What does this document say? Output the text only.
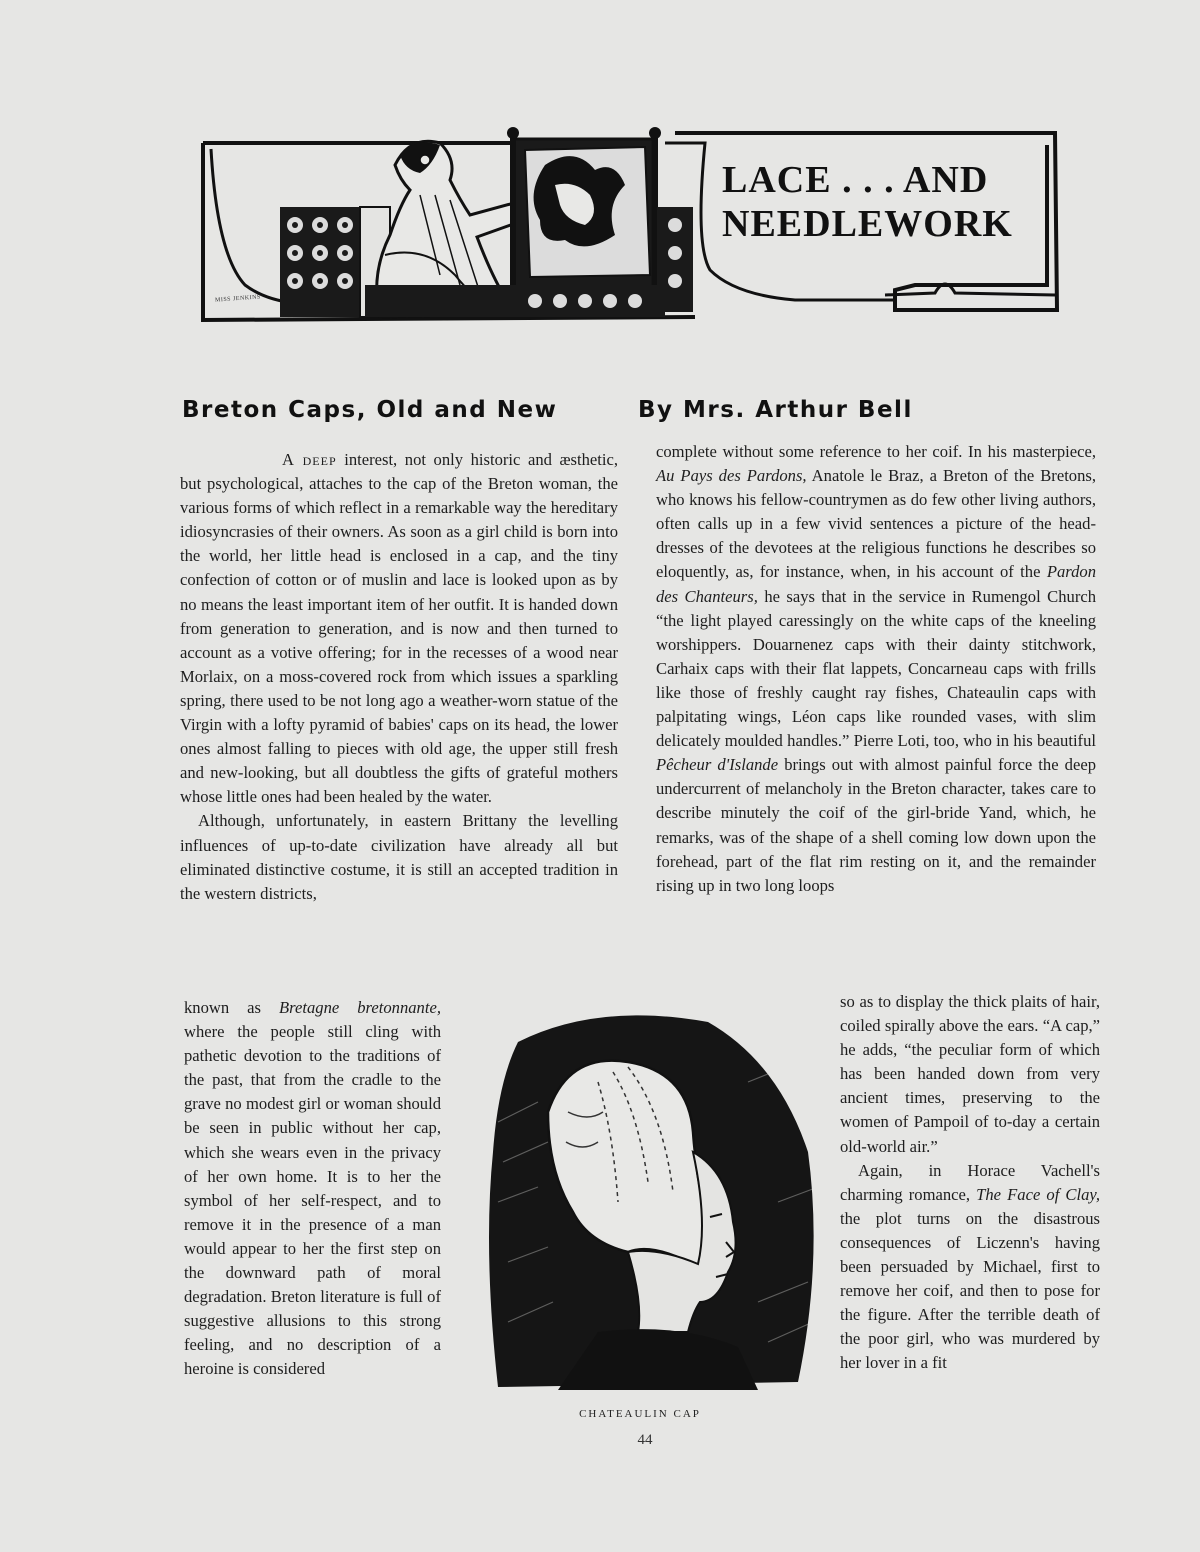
MISS JENKINS
LACE . . . AND
NEEDLEWORK
Breton Caps, Old and New	By Mrs. Arthur Bell

A deep interest, not only historic and æsthetic, but psychological, attaches to the cap of the Breton woman, the various forms of which reflect in a remarkable way the hereditary idiosyncrasies of their owners. As soon as a girl child is born into the world, her little head is enclosed in a cap, and the tiny confection of cotton or of muslin and lace is looked upon as by no means the least important item of her outfit. It is handed down from generation to generation, and is now and then turned to account as a votive offering; for in the recesses of a wood near Morlaix, on a moss-covered rock from which issues a sparkling spring, there used to be not long ago a weather-worn statue of the Virgin with a lofty pyramid of babies' caps on its head, the lower ones almost falling to pieces with old age, the upper still fresh and new-looking, but all doubtless the gifts of grateful mothers whose little ones had been healed by the water.

Although, unfortunately, in eastern Brittany the levelling influences of up-to-date civilization have already all but eliminated distinctive costume, it is still an accepted tradition in the western districts,

known as Bretagne bretonnante, where the people still cling with pathetic devotion to the traditions of the past, that from the cradle to the grave no modest girl or woman should be seen in public without her cap, which she wears even in the privacy of her own home. It is to her the symbol of her self-respect, and to remove it in the presence of a man would appear to her the first step on the downward path of moral degradation. Breton literature is full of suggestive allusions to this strong feeling, and no description of a heroine is considered

complete without some reference to her coif. In his masterpiece, Au Pays des Pardons, Anatole le Braz, a Breton of the Bretons, who knows his fellow-countrymen as do few other living authors, often calls up in a few vivid sentences a picture of the head-dresses of the devotees at the religious functions he describes so eloquently, as, for instance, when, in his account of the Pardon des Chanteurs, he says that in the service in Rumengol Church “the light played caressingly on the white caps of the kneeling worshippers. Douarnenez caps with their dainty stitchwork, Carhaix caps with their flat lappets, Concarneau caps with frills like those of freshly caught ray fishes, Chateaulin caps with palpitating wings, Léon caps like rounded vases, with slim delicately moulded handles.” Pierre Loti, too, who in his beautiful Pêcheur d'Islande brings out with almost painful force the deep undercurrent of melancholy in the Breton character, takes care to describe minutely the coif of the girl-bride Yand, which, he remarks, was of the shape of a shell coming low down upon the forehead, part of the flat rim resting on it, and the remainder rising up in two long loops

so as to display the thick plaits of hair, coiled spirally above the ears. “A cap,” he adds, “the peculiar form of which has been handed down from very ancient times, preserving to the women of Pampoil of to-day a certain old-world air.”

Again, in Horace Vachell's charming romance, The Face of Clay, the plot turns on the disastrous consequences of Liczenn's having been persuaded by Michael, first to remove her coif, and then to pose for the figure. After the terrible death of the poor girl, who was murdered by her lover in a fit

CHATEAULIN CAP
44
